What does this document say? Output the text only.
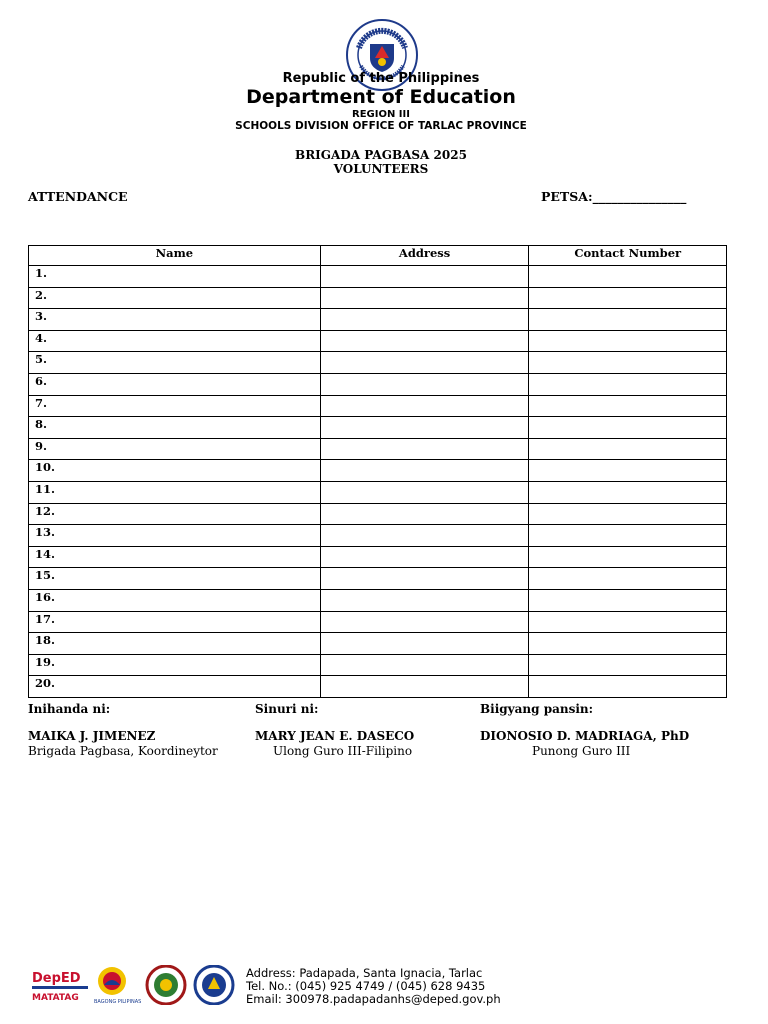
Republic of the Philippines
Department of Education
REGION III
SCHOOLS DIVISION OFFICE OF TARLAC PROVINCE
BRIGADA PAGBASA 2025
VOLUNTEERS
ATTENDANCE	PETSA:_______________
Name	Address	Contact Number
1.		
2.		
3.		
4.		
5.		
6.		
7.		
8.		
9.		
10.		
11.		
12.		
13.		
14.		
15.		
16.		
17.		
18.		
19.		
20.		
Inihanda ni:	Sinuri ni:	Biigyang pansin:
MAIKA J. JIMENEZ	MARY JEAN E. DASECO	DIONOSIO D. MADRIAGA, PhD
Brigada Pagbasa, Koordineytor	Ulong Guro III-Filipino	Punong Guro III
DepED
MATATAG	BAGONG PILIPINAS
Address: Padapada, Santa Ignacia, Tarlac
Tel. No.: (045) 925 4749 / (045) 628 9435
Email: 300978.padapadanhs@deped.gov.ph
